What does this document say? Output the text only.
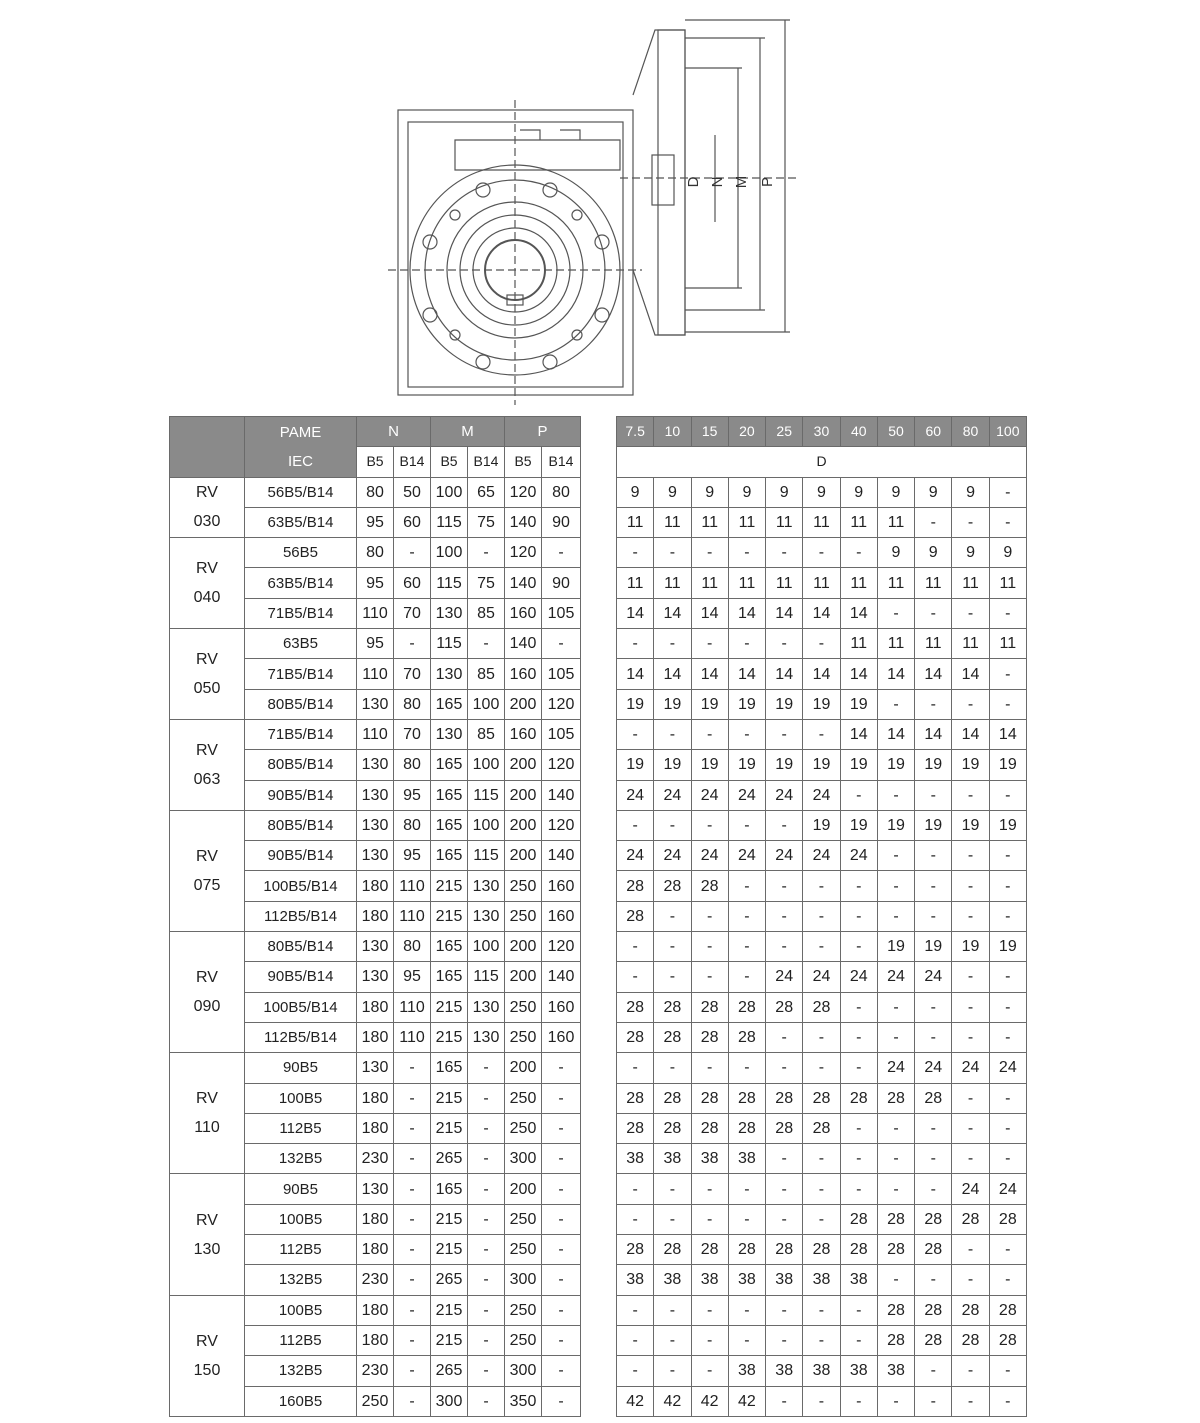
D N M P
	PAME
IEC	N		M		P	
		B5	B14	B5	B14	B5	B14
RV
030	56B5/B14	80	50	100	65	120	80
	63B5/B14	95	60	115	75	140	90
RV
040	56B5	80	-	100	-	120	-
	63B5/B14	95	60	115	75	140	90
	71B5/B14	110	70	130	85	160	105
RV
050	63B5	95	-	115	-	140	-
	71B5/B14	110	70	130	85	160	105
	80B5/B14	130	80	165	100	200	120
RV
063	71B5/B14	110	70	130	85	160	105
	80B5/B14	130	80	165	100	200	120
	90B5/B14	130	95	165	115	200	140
RV
075	80B5/B14	130	80	165	100	200	120
	90B5/B14	130	95	165	115	200	140
	100B5/B14	180	110	215	130	250	160
	112B5/B14	180	110	215	130	250	160
RV
090	80B5/B14	130	80	165	100	200	120
	90B5/B14	130	95	165	115	200	140
	100B5/B14	180	110	215	130	250	160
	112B5/B14	180	110	215	130	250	160
RV
110	90B5	130	-	165	-	200	-
	100B5	180	-	215	-	250	-
	112B5	180	-	215	-	250	-
	132B5	230	-	265	-	300	-
RV
130	90B5	130	-	165	-	200	-
	100B5	180	-	215	-	250	-
	112B5	180	-	215	-	250	-
	132B5	230	-	265	-	300	-
RV
150	100B5	180	-	215	-	250	-
	112B5	180	-	215	-	250	-
	132B5	230	-	265	-	300	-
	160B5	250	-	300	-	350	-
7.5	10	15	20	25	30	40	50	60	80	100
D										
9	9	9	9	9	9	9	9	9	9	-
11	11	11	11	11	11	11	11	-	-	-
-	-	-	-	-	-	-	9	9	9	9
11	11	11	11	11	11	11	11	11	11	11
14	14	14	14	14	14	14	-	-	-	-
-	-	-	-	-	-	11	11	11	11	11
14	14	14	14	14	14	14	14	14	14	-
19	19	19	19	19	19	19	-	-	-	-
-	-	-	-	-	-	14	14	14	14	14
19	19	19	19	19	19	19	19	19	19	19
24	24	24	24	24	24	-	-	-	-	-
-	-	-	-	-	19	19	19	19	19	19
24	24	24	24	24	24	24	-	-	-	-
28	28	28	-	-	-	-	-	-	-	-
28	-	-	-	-	-	-	-	-	-	-
-	-	-	-	-	-	-	19	19	19	19
-	-	-	-	24	24	24	24	24	-	-
28	28	28	28	28	28	-	-	-	-	-
28	28	28	28	-	-	-	-	-	-	-
-	-	-	-	-	-	-	24	24	24	24
28	28	28	28	28	28	28	28	28	-	-
28	28	28	28	28	28	-	-	-	-	-
38	38	38	38	-	-	-	-	-	-	-
-	-	-	-	-	-	-	-	-	24	24
-	-	-	-	-	-	28	28	28	28	28
28	28	28	28	28	28	28	28	28	-	-
38	38	38	38	38	38	38	-	-	-	-
-	-	-	-	-	-	-	28	28	28	28
-	-	-	-	-	-	-	28	28	28	28
-	-	-	38	38	38	38	38	-	-	-
42	42	42	42	-	-	-	-	-	-	-
